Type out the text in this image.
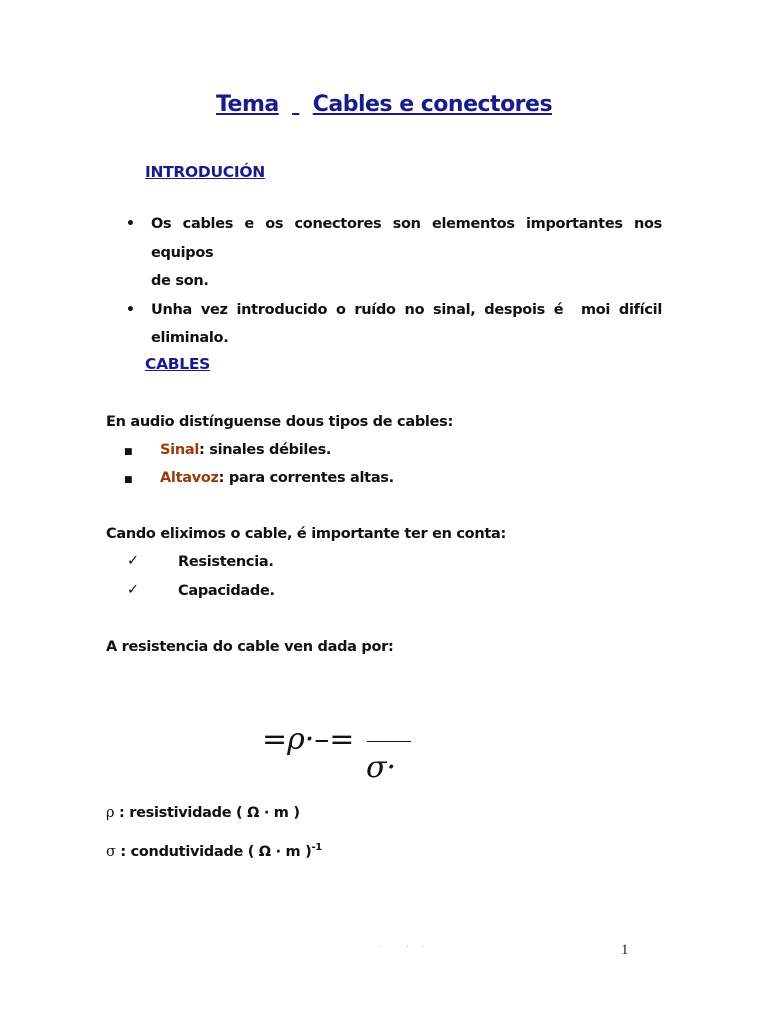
Tema Cables e conectores
INTRODUCIÓN
• Os cables e os conectores son elementos importantes nos equipos
de son.
• Unha vez introducido o ruído no sinal, despois é  moi difícil
eliminalo.
CABLES
En audio distínguense dous tipos de cables:
■ Sinal: sinales débiles.
■ Altavoz: para correntes altas.
Cando eliximos o cable, é importante ter en conta:
✓	Resistencia.
✓	Capacidade.
A resistencia do cable ven dada por:
=ρ·–=
σ·
ρ : resistividade ( Ω · m )
σ : condutividade ( Ω · m )$^{-1}$
.          .     .	1
